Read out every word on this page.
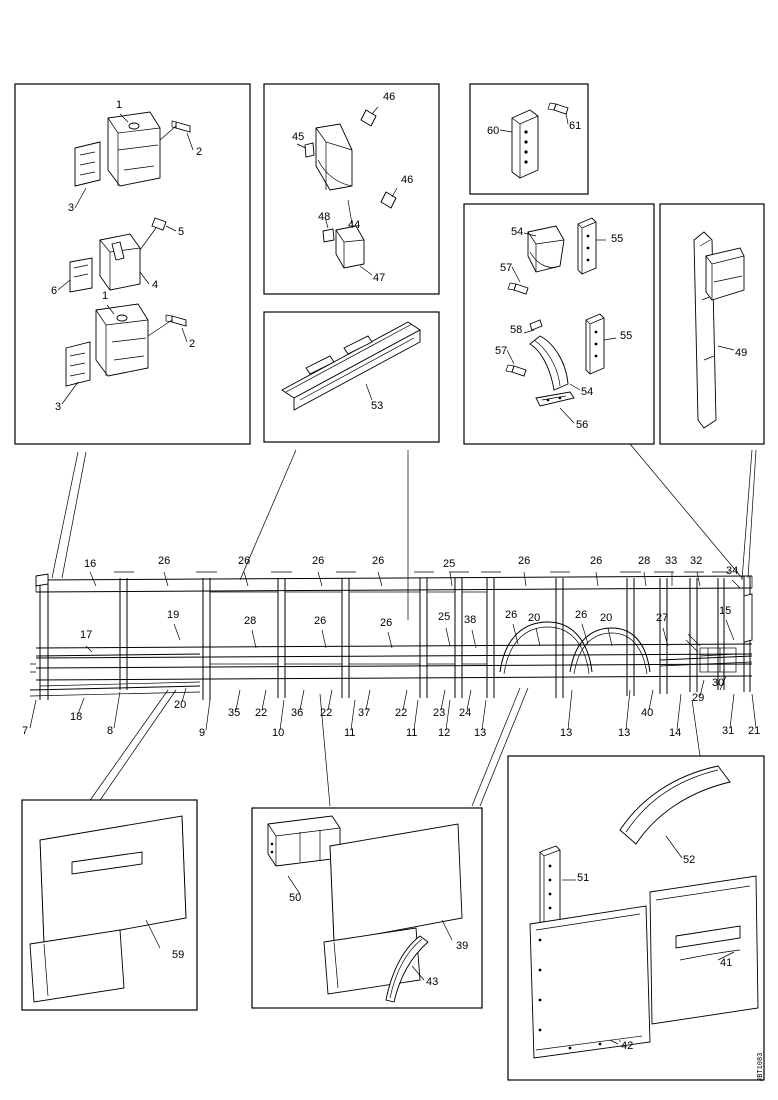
1
2
3
5
4
6	1
2
3
46
45
44
48
46
47
60	61
53
54
55
57
58	55
57
54
56
49
16	26	26	26	26	25	26	26	28 33 32
34
19
17
28	26	26	25 38	26 20	26 20	27
15
20
18
7	8	9
35 22 36 22 37 22
10	11	11
23 24
12 13	13	13
40
14
29
30
31 21
59
50
39
43
52
51
42
41
JBT1083
